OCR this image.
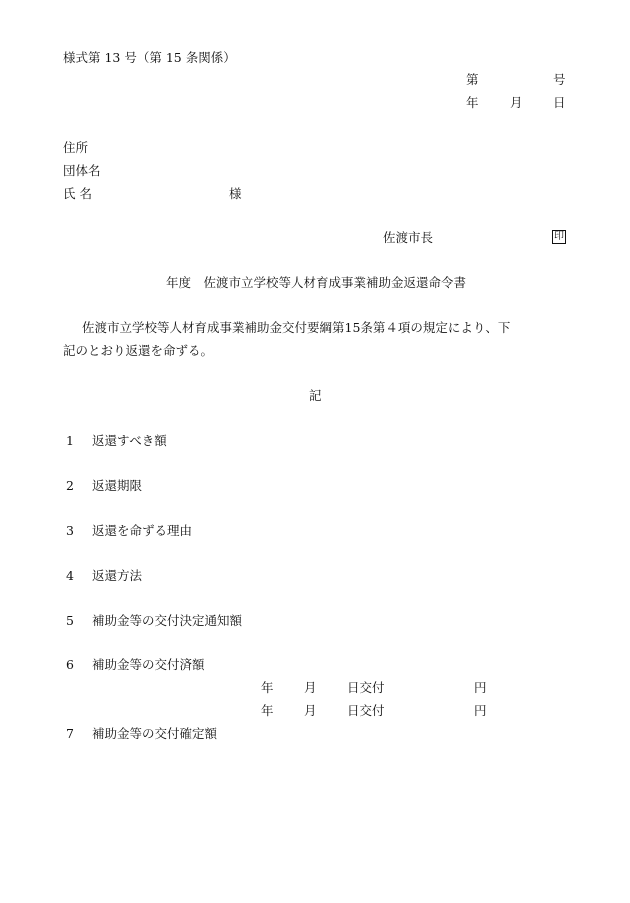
様式第 13 号（第 15 条関係）
第	号
年	月 日
住所
団体名
氏 名	様
佐渡市長	印
年度　佐渡市立学校等人材育成事業補助金返還命令書
佐渡市立学校等人材育成事業補助金交付要綱第15条第４項の規定により、下
記のとおり返還を命ずる。
記
1 返還すべき額
2 返還期限
3 返還を命ずる理由
4 返還方法
5 補助金等の交付決定通知額
6 補助金等の交付済額
年 月 日交付	円
年 月 日交付	円
7 補助金等の交付確定額
